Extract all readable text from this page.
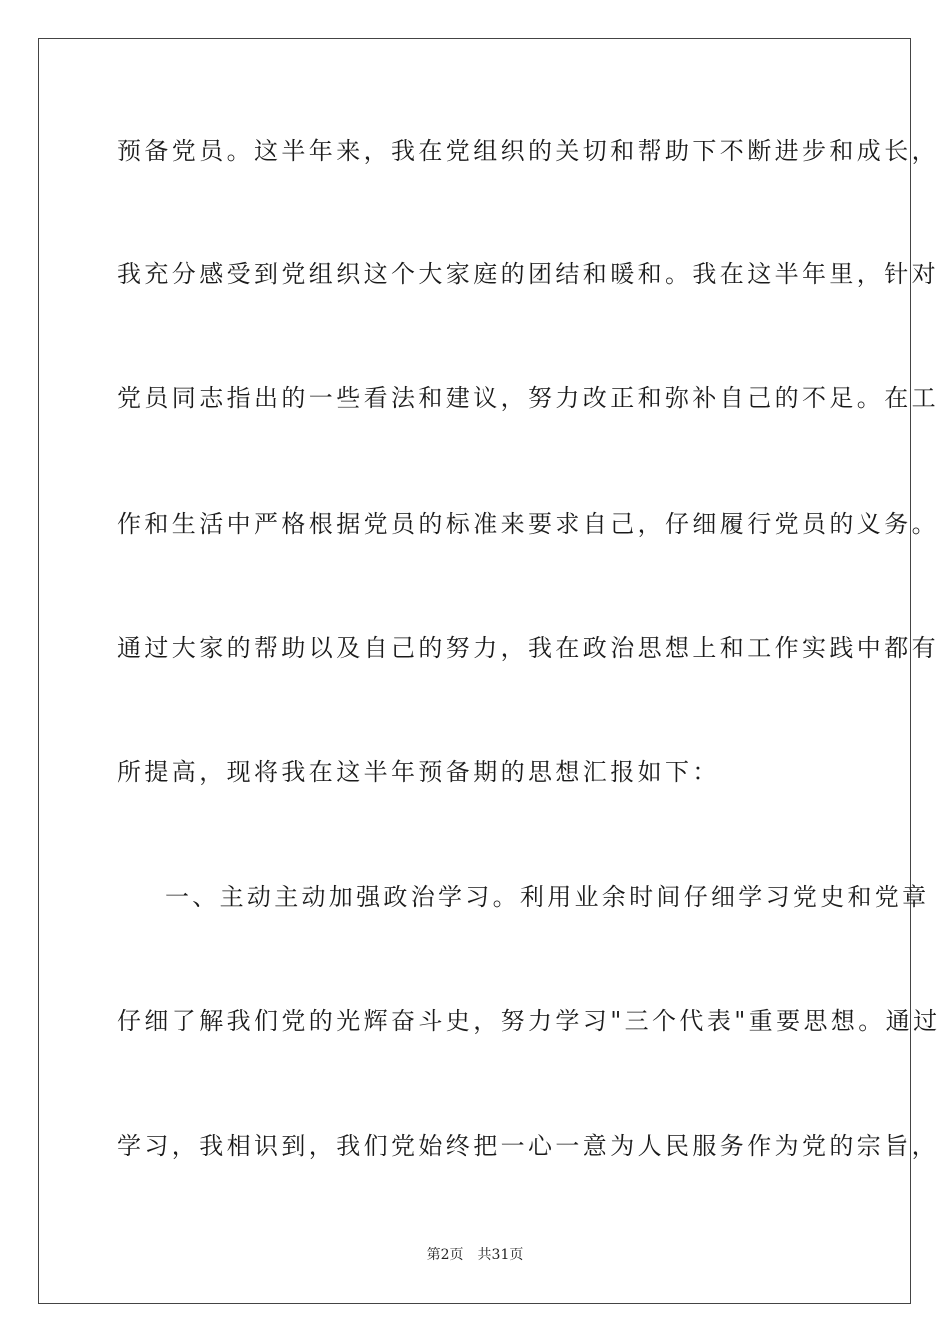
预备党员。这半年来，我在党组织的关切和帮助下不断进步和成长，
我充分感受到党组织这个大家庭的团结和暖和。我在这半年里，针对
党员同志指出的一些看法和建议，努力改正和弥补自己的不足。在工
作和生活中严格根据党员的标准来要求自己，仔细履行党员的义务。
通过大家的帮助以及自己的努力，我在政治思想上和工作实践中都有
所提高，现将我在这半年预备期的思想汇报如下：
一、主动主动加强政治学习。利用业余时间仔细学习党史和党章
仔细了解我们党的光辉奋斗史，努力学习"三个代表"重要思想。通过
学习，我相识到，我们党始终把一心一意为人民服务作为党的宗旨，
第2页 共31页
